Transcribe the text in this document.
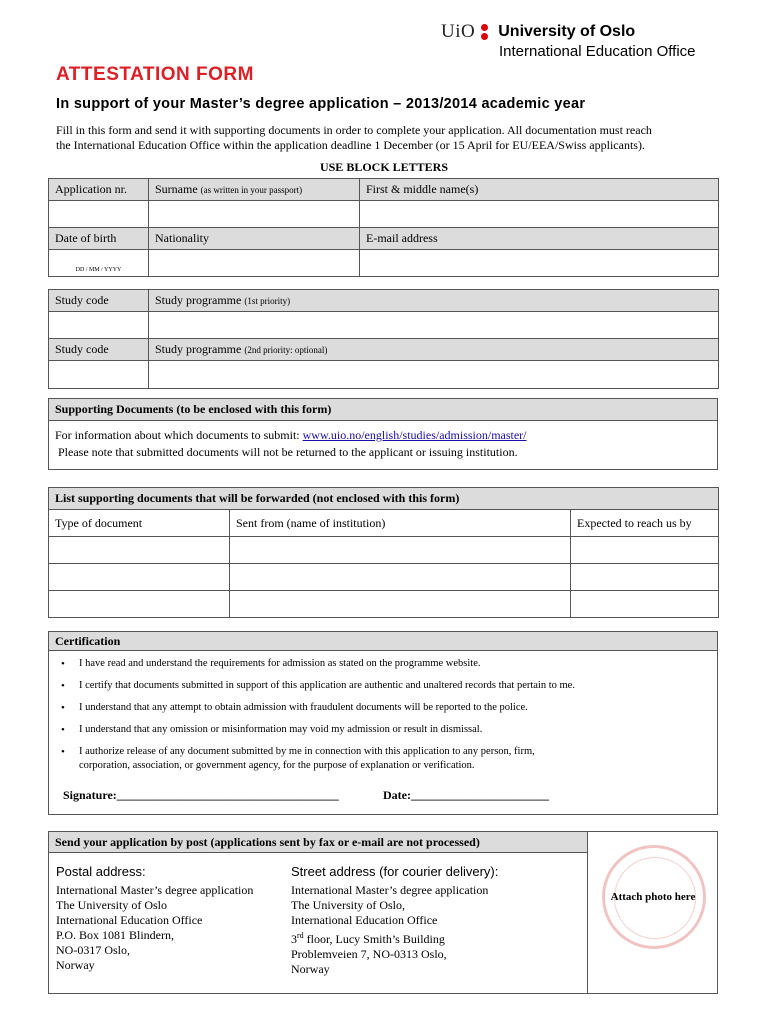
UiO University of Oslo
International Education Office
ATTESTATION FORM
In support of your Master’s degree application – 2013/2014 academic year
Fill in this form and send it with supporting documents in order to complete your application. All documentation must reach
the International Education Office within the application deadline 1 December (or 15 April for EU/EEA/Swiss applicants).
USE BLOCK LETTERS
Application nr.	Surname (as written in your passport)	First & middle name(s)

Date of birth	Nationality	E-mail address
DD / MM / YYYY		
Study code	Study programme (1st priority)

Study code	Study programme (2nd priority: optional)

Supporting Documents (to be enclosed with this form)
For information about which documents to submit: www.uio.no/english/studies/admission/master/
Please note that submitted documents will not be returned to the applicant or issuing institution.
List supporting documents that will be forwarded (not enclosed with this form)		
Type of document	Sent from (name of institution)	Expected to reach us by

Certification
• I have read and understand the requirements for admission as stated on the programme website.
• I certify that documents submitted in support of this application are authentic and unaltered records that pertain to me.
• I understand that any attempt to obtain admission with fraudulent documents will be reported to the police.
• I understand that any omission or misinformation may void my admission or result in dismissal.
• I authorize release of any document submitted by me in connection with this application to any person, firm,
corporation, association, or government agency, for the purpose of explanation or verification.
Signature:_____________________________________	Date:_______________________
Send your application by post (applications sent by fax or e-mail are not processed)
Postal address:
International Master’s degree application
The University of Oslo
International Education Office
P.O. Box 1081 Blindern,
NO-0317 Oslo,
Norway
Street address (for courier delivery):
International Master’s degree application
The University of Oslo,
International Education Office
3rd floor, Lucy Smith’s Building
Problemveien 7, NO-0313 Oslo,
Norway
Attach photo here
